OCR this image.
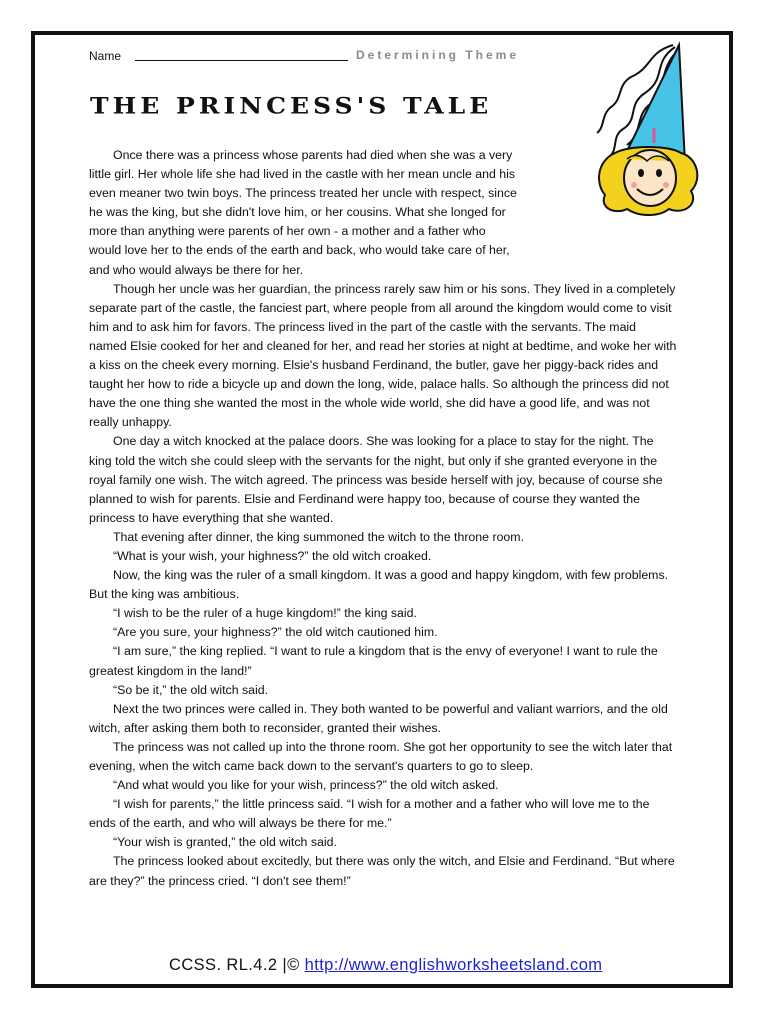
Name	Determining Theme
THE PRINCESS'S TALE

Once there was a princess whose parents had died when she was a very little girl. Her whole life she had lived in the castle with her mean uncle and his even meaner two twin boys. The princess treated her uncle with respect, since he was the king, but she didn't love him, or her cousins. What she longed for more than anything were parents of her own - a mother and a father who would love her to the ends of the earth and back, who would take care of her, and who would always be there for her.

Though her uncle was her guardian, the princess rarely saw him or his sons. They lived in a completely separate part of the castle, the fanciest part, where people from all around the kingdom would come to visit him and to ask him for favors. The princess lived in the part of the castle with the servants. The maid named Elsie cooked for her and cleaned for her, and read her stories at night at bedtime, and woke her with a kiss on the cheek every morning. Elsie's husband Ferdinand, the butler, gave her piggy-back rides and taught her how to ride a bicycle up and down the long, wide, palace halls. So although the princess did not have the one thing she wanted the most in the whole wide world, she did have a good life, and was not really unhappy.

One day a witch knocked at the palace doors. She was looking for a place to stay for the night. The king told the witch she could sleep with the servants for the night, but only if she granted everyone in the royal family one wish. The witch agreed. The princess was beside herself with joy, because of course she planned to wish for parents. Elsie and Ferdinand were happy too, because of course they wanted the princess to have everything that she wanted.

That evening after dinner, the king summoned the witch to the throne room.

“What is your wish, your highness?” the old witch croaked.

Now, the king was the ruler of a small kingdom. It was a good and happy kingdom, with few problems. But the king was ambitious.

“I wish to be the ruler of a huge kingdom!” the king said.

“Are you sure, your highness?” the old witch cautioned him.

“I am sure,” the king replied. “I want to rule a kingdom that is the envy of everyone! I want to rule the greatest kingdom in the land!”

“So be it,” the old witch said.

Next the two princes were called in. They both wanted to be powerful and valiant warriors, and the old witch, after asking them both to reconsider, granted their wishes.

The princess was not called up into the throne room. She got her opportunity to see the witch later that evening, when the witch came back down to the servant's quarters to go to sleep.

“And what would you like for your wish, princess?” the old witch asked.

“I wish for parents,” the little princess said. “I wish for a mother and a father who will love me to the ends of the earth, and who will always be there for me.”

“Your wish is granted,” the old witch said.

The princess looked about excitedly, but there was only the witch, and Elsie and Ferdinand. “But where are they?” the princess cried. “I don't see them!”

CCSS. RL.4.2 |© http://www.englishworksheetsland.com
